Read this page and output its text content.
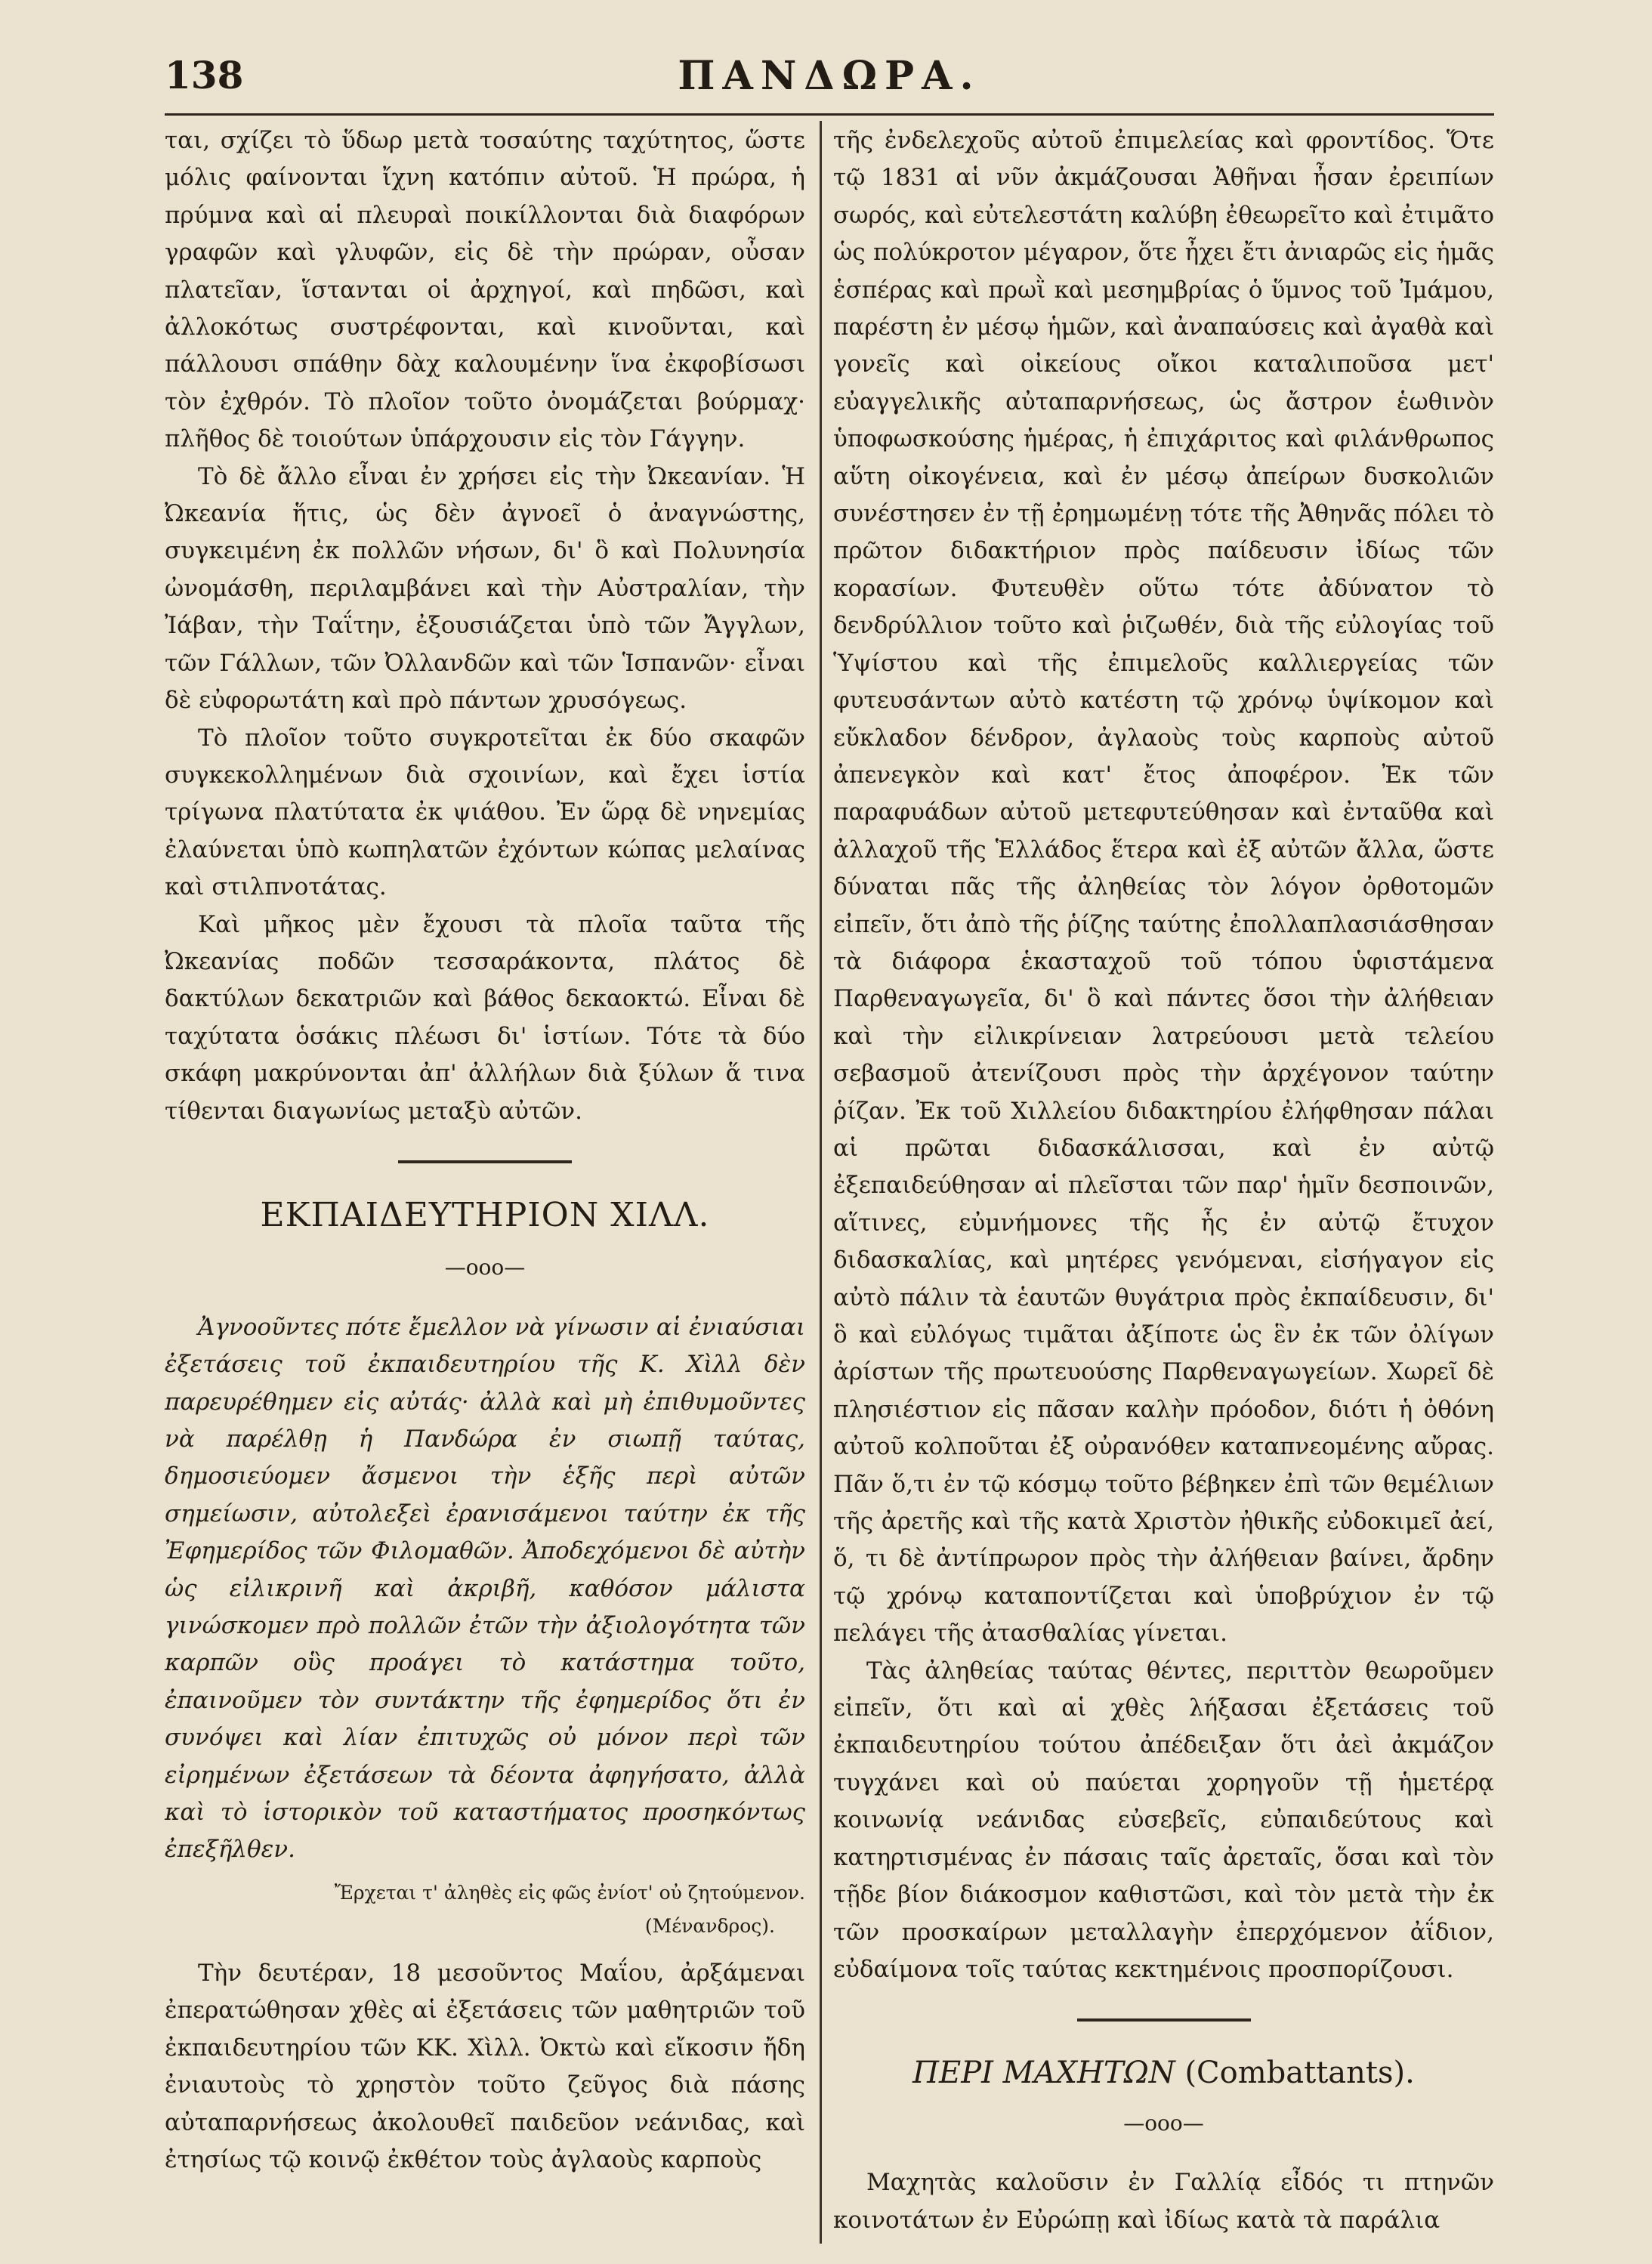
138	ΠΑΝΔΩΡΑ.

ται, σχίζει τὸ ὕδωρ μετὰ τοσαύτης ταχύτητος, ὥστε μόλις φαίνονται ἴχνη κατόπιν αὐτοῦ. Ἡ πρώρα, ἡ πρύμνα καὶ αἱ πλευραὶ ποικίλλονται διὰ διαφόρων γραφῶν καὶ γλυφῶν, εἰς δὲ τὴν πρώραν, οὖσαν πλατεῖαν, ἵστανται οἱ ἀρχηγοί, καὶ πηδῶσι, καὶ ἀλλοκότως συστρέφονται, καὶ κινοῦνται, καὶ πάλλουσι σπάθην δὰχ καλουμένην ἵνα ἐκφοβίσωσι τὸν ἐχθρόν. Τὸ πλοῖον τοῦτο ὀνομάζεται βούρμαχ· πλῆθος δὲ τοιούτων ὑπάρχουσιν εἰς τὸν Γάγγην.

Τὸ δὲ ἄλλο εἶναι ἐν χρήσει εἰς τὴν Ὠκεανίαν. Ἡ Ὠκεανία ἥτις, ὡς δὲν ἀγνοεῖ ὁ ἀναγνώστης, συγκειμένη ἐκ πολλῶν νήσων, δι' ὃ καὶ Πολυνησία ὠνομάσθη, περιλαμβάνει καὶ τὴν Αὐστραλίαν, τὴν Ἰάβαν, τὴν Ταΐτην, ἐξουσιάζεται ὑπὸ τῶν Ἄγγλων, τῶν Γάλλων, τῶν Ὀλλανδῶν καὶ τῶν Ἱσπανῶν· εἶναι δὲ εὐφορωτάτη καὶ πρὸ πάντων χρυσόγεως.

Τὸ πλοῖον τοῦτο συγκροτεῖται ἐκ δύο σκαφῶν συγκεκολλημένων διὰ σχοινίων, καὶ ἔχει ἱστία τρίγωνα πλατύτατα ἐκ ψιάθου. Ἐν ὥρᾳ δὲ νηνεμίας ἐλαύνεται ὑπὸ κωπηλατῶν ἐχόντων κώπας μελαίνας καὶ στιλπνοτάτας.

Καὶ μῆκος μὲν ἔχουσι τὰ πλοῖα ταῦτα τῆς Ὠκεανίας ποδῶν τεσσαράκοντα, πλάτος δὲ δακτύλων δεκατριῶν καὶ βάθος δεκαοκτώ. Εἶναι δὲ ταχύτατα ὁσάκις πλέωσι δι' ἱστίων. Τότε τὰ δύο σκάφη μακρύνονται ἀπ' ἀλλήλων διὰ ξύλων ἅ τινα τίθενται διαγωνίως μεταξὺ αὐτῶν.

ΕΚΠΑΙΔΕΥΤΗΡΙΟΝ ΧΙΛΛ.
—οοο—

Ἀγνοοῦντες πότε ἔμελλον νὰ γίνωσιν αἱ ἐνιαύσιαι ἐξετάσεις τοῦ ἐκπαιδευτηρίου τῆς Κ. Χὶλλ δὲν παρευρέθημεν εἰς αὐτάς· ἀλλὰ καὶ μὴ ἐπιθυμοῦντες νὰ παρέλθῃ ἡ Πανδώρα ἐν σιωπῇ ταύτας, δημοσιεύομεν ἄσμενοι τὴν ἑξῆς περὶ αὐτῶν σημείωσιν, αὐτολεξεὶ ἐρανισάμενοι ταύτην ἐκ τῆς Ἐφημερίδος τῶν Φιλομαθῶν. Ἀποδεχόμενοι δὲ αὐτὴν ὡς εἰλικρινῆ καὶ ἀκριβῆ, καθόσον μάλιστα γινώσκομεν πρὸ πολλῶν ἐτῶν τὴν ἀξιολογότητα τῶν καρπῶν οὓς προάγει τὸ κατάστημα τοῦτο, ἐπαινοῦμεν τὸν συντάκτην τῆς ἐφημερίδος ὅτι ἐν συνόψει καὶ λίαν ἐπιτυχῶς οὐ μόνον περὶ τῶν εἰρημένων ἐξετάσεων τὰ δέοντα ἀφηγήσατο, ἀλλὰ καὶ τὸ ἱστορικὸν τοῦ καταστήματος προσηκόντως ἐπεξῆλθεν.

Ἔρχεται τ' ἀληθὲς εἰς φῶς ἐνίοτ' οὐ ζητούμενον.
(Μένανδρος).

Τὴν δευτέραν, 18 μεσοῦντος Μαΐου, ἀρξάμεναι ἐπερατώθησαν χθὲς αἱ ἐξετάσεις τῶν μαθητριῶν τοῦ ἐκπαιδευτηρίου τῶν ΚΚ. Χὶλλ. Ὀκτὼ καὶ εἴκοσιν ἤδη ἐνιαυτοὺς τὸ χρηστὸν τοῦτο ζεῦγος διὰ πάσης αὐταπαρνήσεως ἀκολουθεῖ παιδεῦον νεάνιδας, καὶ ἐτησίως τῷ κοινῷ ἐκθέτον τοὺς ἀγλαοὺς καρποὺς

τῆς ἐνδελεχοῦς αὐτοῦ ἐπιμελείας καὶ φροντίδος. Ὅτε τῷ 1831 αἱ νῦν ἀκμάζουσαι Ἀθῆναι ἦσαν ἐρειπίων σωρός, καὶ εὐτελεστάτη καλύβη ἐθεωρεῖτο καὶ ἐτιμᾶτο ὡς πολύκροτον μέγαρον, ὅτε ἦχει ἔτι ἀνιαρῶς εἰς ἡμᾶς ἑσπέρας καὶ πρωῒ καὶ μεσημβρίας ὁ ὕμνος τοῦ Ἰμάμου, παρέστη ἐν μέσῳ ἡμῶν, καὶ ἀναπαύσεις καὶ ἀγαθὰ καὶ γονεῖς καὶ οἰκείους οἴκοι καταλιποῦσα μετ' εὐαγγελικῆς αὐταπαρνήσεως, ὡς ἄστρον ἑωθινὸν ὑποφωσκούσης ἡμέρας, ἡ ἐπιχάριτος καὶ φιλάνθρωπος αὕτη οἰκογένεια, καὶ ἐν μέσῳ ἀπείρων δυσκολιῶν συνέστησεν ἐν τῇ ἐρημωμένῃ τότε τῆς Ἀθηνᾶς πόλει τὸ πρῶτον διδακτήριον πρὸς παίδευσιν ἰδίως τῶν κορασίων. Φυτευθὲν οὕτω τότε ἀδύνατον τὸ δενδρύλλιον τοῦτο καὶ ῥιζωθέν, διὰ τῆς εὐλογίας τοῦ Ὑψίστου καὶ τῆς ἐπιμελοῦς καλλιεργείας τῶν φυτευσάντων αὐτὸ κατέστη τῷ χρόνῳ ὑψίκομον καὶ εὔκλαδον δένδρον, ἀγλαοὺς τοὺς καρποὺς αὐτοῦ ἀπενεγκὸν καὶ κατ' ἔτος ἀποφέρον. Ἐκ τῶν παραφυάδων αὐτοῦ μετεφυτεύθησαν καὶ ἐνταῦθα καὶ ἀλλαχοῦ τῆς Ἑλλάδος ἕτερα καὶ ἐξ αὐτῶν ἄλλα, ὥστε δύναται πᾶς τῆς ἀληθείας τὸν λόγον ὀρθοτομῶν εἰπεῖν, ὅτι ἀπὸ τῆς ῥίζης ταύτης ἐπολλαπλασιάσθησαν τὰ διάφορα ἑκασταχοῦ τοῦ τόπου ὑφιστάμενα Παρθεναγωγεῖα, δι' ὃ καὶ πάντες ὅσοι τὴν ἀλήθειαν καὶ τὴν εἰλικρίνειαν λατρεύουσι μετὰ τελείου σεβασμοῦ ἀτενίζουσι πρὸς τὴν ἀρχέγονον ταύτην ῥίζαν. Ἐκ τοῦ Χιλλείου διδακτηρίου ἐλήφθησαν πάλαι αἱ πρῶται διδασκάλισσαι, καὶ ἐν αὐτῷ ἐξεπαιδεύθησαν αἱ πλεῖσται τῶν παρ' ἡμῖν δεσποινῶν, αἵτινες, εὐμνήμονες τῆς ἧς ἐν αὐτῷ ἔτυχον διδασκαλίας, καὶ μητέρες γενόμεναι, εἰσήγαγον εἰς αὐτὸ πάλιν τὰ ἑαυτῶν θυγάτρια πρὸς ἐκπαίδευσιν, δι' ὃ καὶ εὐλόγως τιμᾶται ἀξίποτε ὡς ἓν ἐκ τῶν ὀλίγων ἀρίστων τῆς πρωτευούσης Παρθεναγωγείων. Χωρεῖ δὲ πλησιέστιον εἰς πᾶσαν καλὴν πρόοδον, διότι ἡ ὀθόνη αὐτοῦ κολποῦται ἐξ οὐρανόθεν καταπνεομένης αὔρας. Πᾶν ὅ,τι ἐν τῷ κόσμῳ τοῦτο βέβηκεν ἐπὶ τῶν θεμέλιων τῆς ἀρετῆς καὶ τῆς κατὰ Χριστὸν ἠθικῆς εὐδοκιμεῖ ἀεί, ὅ, τι δὲ ἀντίπρωρον πρὸς τὴν ἀλήθειαν βαίνει, ἄρδην τῷ χρόνῳ καταποντίζεται καὶ ὑποβρύχιον ἐν τῷ πελάγει τῆς ἀτασθαλίας γίνεται.

Τὰς ἀληθείας ταύτας θέντες, περιττὸν θεωροῦμεν εἰπεῖν, ὅτι καὶ αἱ χθὲς λήξασαι ἐξετάσεις τοῦ ἐκπαιδευτηρίου τούτου ἀπέδειξαν ὅτι ἀεὶ ἀκμάζον τυγχάνει καὶ οὐ παύεται χορηγοῦν τῇ ἡμετέρᾳ κοινωνίᾳ νεάνιδας εὐσεβεῖς, εὐπαιδεύτους καὶ κατηρτισμένας ἐν πάσαις ταῖς ἀρεταῖς, ὅσαι καὶ τὸν τῇδε βίον διάκοσμον καθιστῶσι, καὶ τὸν μετὰ τὴν ἐκ τῶν προσκαίρων μεταλλαγὴν ἐπερχόμενον ἀΐδιον, εὐδαίμονα τοῖς ταύτας κεκτημένοις προσπορίζουσι.

ΠΕΡΙ ΜΑΧΗΤΩΝ (Combattants).
—οοο—

Μαχητὰς καλοῦσιν ἐν Γαλλίᾳ εἶδός τι πτηνῶν κοινοτάτων ἐν Εὐρώπῃ καὶ ἰδίως κατὰ τὰ παράλια
